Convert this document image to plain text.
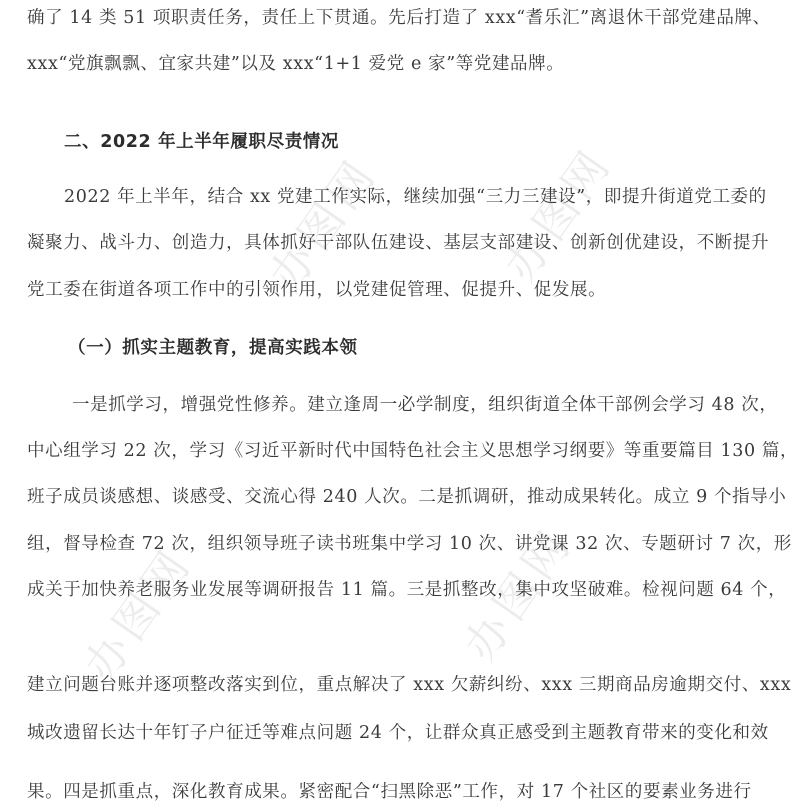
办图网 办图网
办图网
办图网
确了 14 类 51 项职责任务，责任上下贯通。先后打造了 xxx“耆乐汇”离退休干部党建品牌、
xxx“党旗飘飘、宜家共建”以及 xxx“1+1 爱党 e 家”等党建品牌。
二、2022 年上半年履职尽责情况
2022 年上半年，结合 xx 党建工作实际，继续加强“三力三建设”，即提升街道党工委的
凝聚力、战斗力、创造力，具体抓好干部队伍建设、基层支部建设、创新创优建设，不断提升
党工委在街道各项工作中的引领作用，以党建促管理、促提升、促发展。
（一）抓实主题教育，提高实践本领
一是抓学习，增强党性修养。建立逢周一必学制度，组织街道全体干部例会学习 48 次，
中心组学习 22 次，学习《习近平新时代中国特色社会主义思想学习纲要》等重要篇目 130 篇，
班子成员谈感想、谈感受、交流心得 240 人次。二是抓调研，推动成果转化。成立 9 个指导小
组，督导检查 72 次，组织领导班子读书班集中学习 10 次、讲党课 32 次、专题研讨 7 次，形
成关于加快养老服务业发展等调研报告 11 篇。三是抓整改，集中攻坚破难。检视问题 64 个，
建立问题台账并逐项整改落实到位，重点解决了 xxx 欠薪纠纷、xxx 三期商品房逾期交付、xxx
城改遗留长达十年钉子户征迁等难点问题 24 个，让群众真正感受到主题教育带来的变化和效
果。四是抓重点，深化教育成果。紧密配合“扫黑除恶”工作，对 17 个社区的要素业务进行
